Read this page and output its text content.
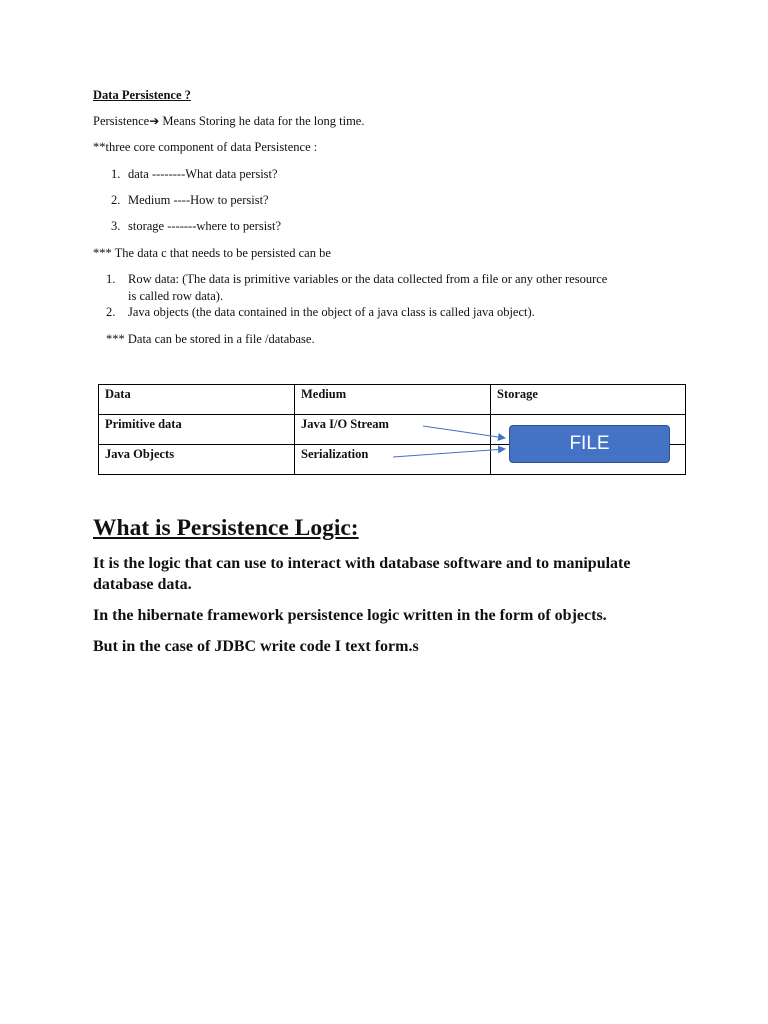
Data Persistence ?
Persistence➔ Means Storing he data for the long time.
**three core component of data Persistence :
1. data --------What data persist?
2. Medium ----How to persist?
3. storage -------where to persist?
*** The data c that needs to be persisted can be
1. Row data: (The data is primitive variables or the data collected from a file or any other resource
is called row data).
2. Java objects (the data contained in the object of a java class is called java object).
*** Data can be stored in a file /database.
Data	Medium	Storage
Primitive data	Java I/O Stream	
Java Objects	Serialization		FILE
What is Persistence Logic:
It is the logic that can use to interact with database software and to manipulate database data.
In the hibernate framework persistence logic written in the form of objects.
But in the case of JDBC write code I text form.s
